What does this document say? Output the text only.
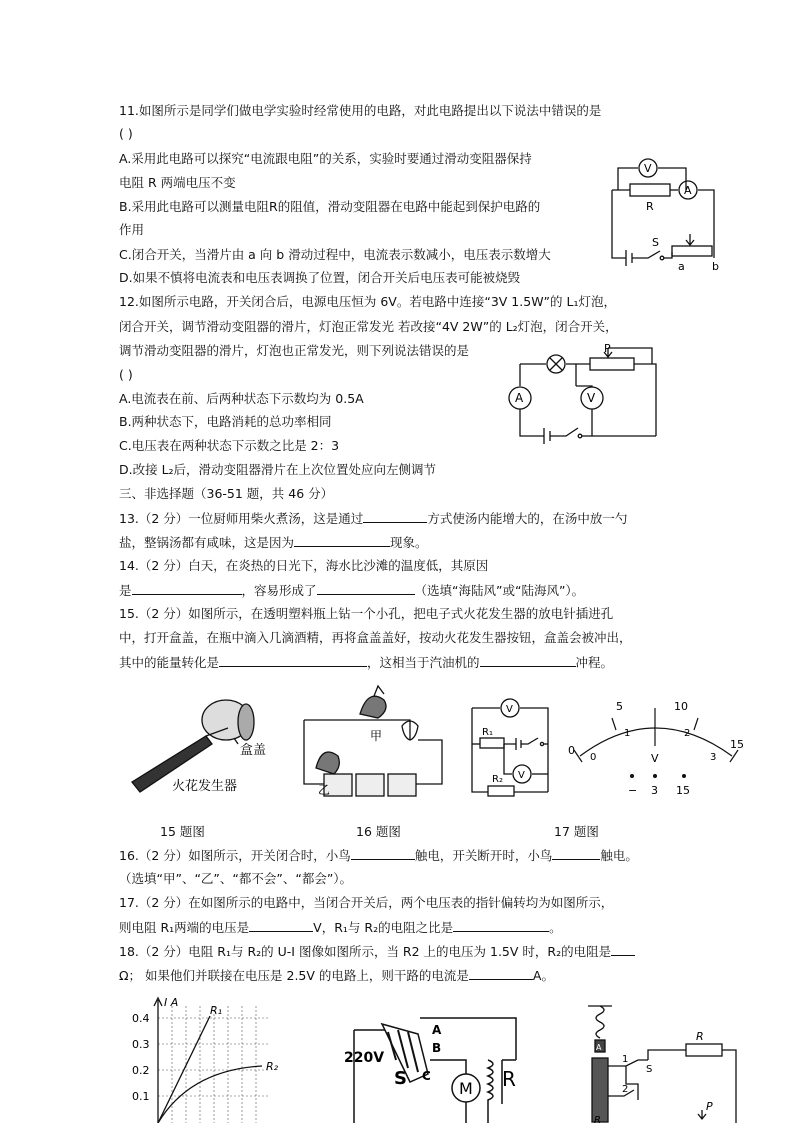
11.如图所示是同学们做电学实验时经常使用的电路，对此电路提出以下说法中错误的是
( )
A.采用此电路可以探究“电流跟电阻”的关系，实验时要通过滑动变阻器保持
电阻 R 两端电压不变
B.采用此电路可以测量电阻R的阻值，滑动变阻器在电路中能起到保护电路的
作用
C.闭合开关，当滑片由 a 向 b 滑动过程中，电流表示数减小，电压表示数增大
D.如果不慎将电流表和电压表调换了位置，闭合开关后电压表可能被烧毁
V
A
R
S
a b
12.如图所示电路，开关闭合后，电源电压恒为 6V。若电路中连接“3V 1.5W”的 L₁灯泡，
闭合开关，调节滑动变阻器的滑片，灯泡正常发光 若改接“4V 2W”的 L₂灯泡，闭合开关，
调节滑动变阻器的滑片，灯泡也正常发光，则下列说法错误的是
( )
A.电流表在前、后两种状态下示数均为 0.5A
B.两种状态下，电路消耗的总功率相同
C.电压表在两种状态下示数之比是 2：3
D.改接 L₂后，滑动变阻器滑片在上次位置处应向左侧调节
P
A	V
三、非选择题（36-51 题，共 46 分）
13.（2 分）一位厨师用柴火煮汤，这是通过	方式使汤内能增大的，在汤中放一勺
盐，整锅汤都有咸味，这是因为	现象。
14.（2 分）白天，在炎热的日光下，海水比沙滩的温度低，其原因
是	，容易形成了	（选填“海陆风”或“陆海风”）。
15.（2 分）如图所示，在透明塑料瓶上钻一个小孔，把电子式火花发生器的放电针插进孔
中，打开盒盖，在瓶中滴入几滴酒精，再将盒盖盖好，按动火花发生器按钮，盒盖会被冲出，
其中的能量转化是	，这相当于汽油机的	冲程。
盒盖
火花发生器
15 题图
甲
乙
16 题图
V
V
R₁
R₂
17 题图
0
5	10
15
0
1	2
3
V
− 3 15
16.（2 分）如图所示，开关闭合时，小鸟	触电，开关断开时，小鸟	触电。
（选填“甲”、“乙”、“都不会”、“都会”）。
17.（2 分）在如图所示的电路中，当闭合开关后，两个电压表的指针偏转均为如图所示，
则电阻 R₁两端的电压是	V，R₁与 R₂的电阻之比是	。
18.（2 分）电阻 R₁与 R₂的 U-I 图像如图所示，当 R2 上的电压为 1.5V 时，R₂的电阻是
Ω； 如果他们并联接在电压是 2.5V 的电路上，则干路的电流是	A。
I A
R₁
R₂
0.4
0.3
0.2
0.1
220V
S
A
B
C
M R
A
1
2
S
R
P
R
